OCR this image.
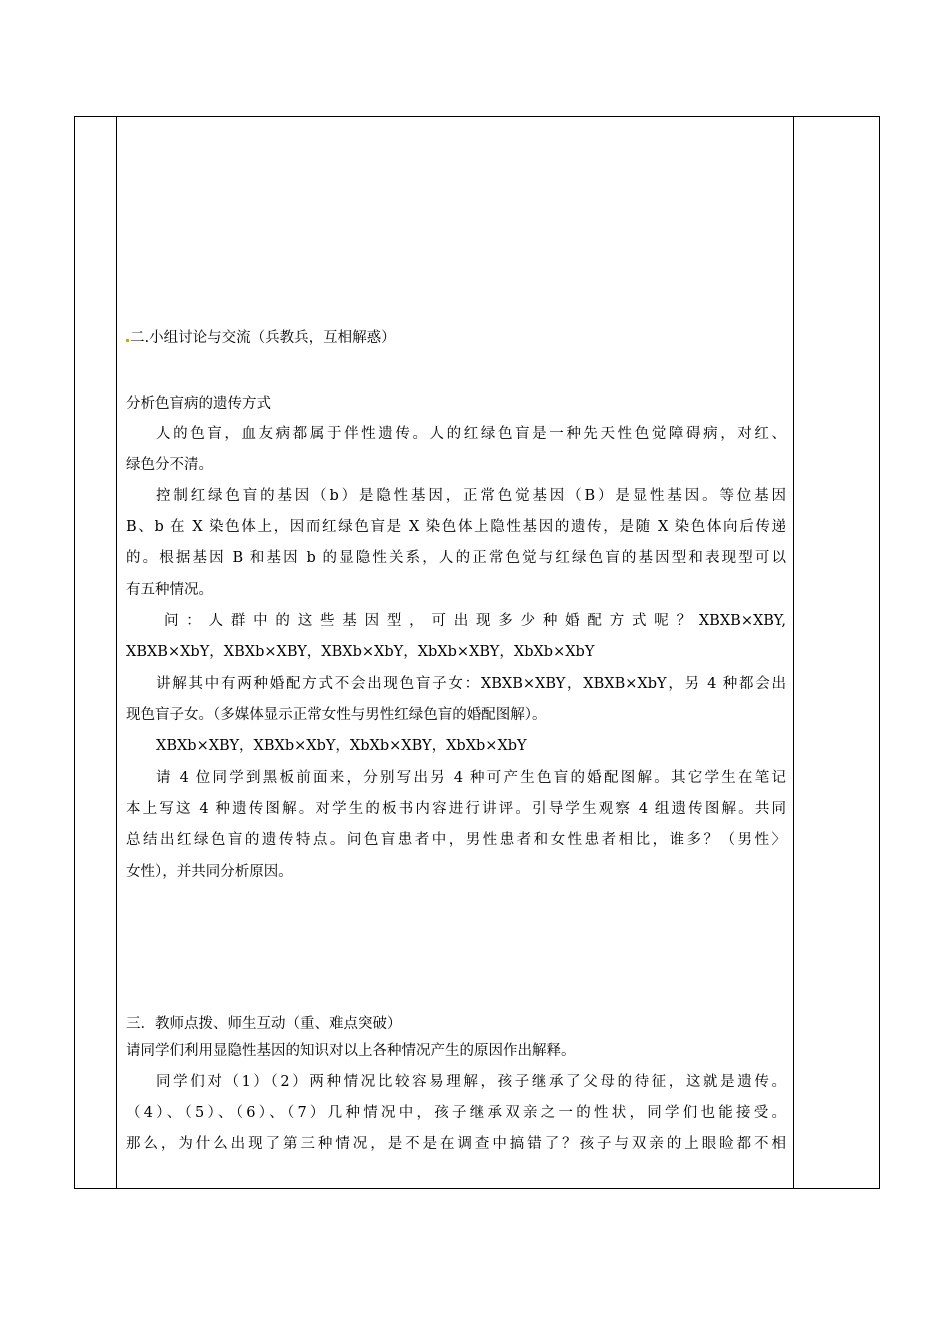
二.小组讨论与交流（兵教兵，互相解惑）
分析色盲病的遗传方式
人的色盲，血友病都属于伴性遗传。人的红绿色盲是一种先天性色觉障碍病，对红、
绿色分不清。
控制红绿色盲的基因（b）是隐性基因，正常色觉基因（B）是显性基因。等位基因
B、b 在 X 染色体上，因而红绿色盲是 X 染色体上隐性基因的遗传，是随 X 染色体向后传递
的。根据基因 B 和基因 b 的显隐性关系，人的正常色觉与红绿色盲的基因型和表现型可以
有五种情况。
问：人群中的这些基因型，可出现多少种婚配方式呢？XBXB×XBY,
XBXB×XbY，XBXb×XBY，XBXb×XbY，XbXb×XBY，XbXb×XbY
讲解其中有两种婚配方式不会出现色盲子女：XBXB×XBY，XBXB×XbY，另 4 种都会出
现色盲子女。（多媒体显示正常女性与男性红绿色盲的婚配图解）。
XBXb×XBY，XBXb×XbY，XbXb×XBY，XbXb×XbY
请 4 位同学到黑板前面来，分别写出另 4 种可产生色盲的婚配图解。其它学生在笔记
本上写这 4 种遗传图解。对学生的板书内容进行讲评。引导学生观察 4 组遗传图解。共同
总结出红绿色盲的遗传特点。问色盲患者中，男性患者和女性患者相比，谁多？（男性〉
女性），并共同分析原因。
三．教师点拨、师生互动（重、难点突破）
请同学们利用显隐性基因的知识对以上各种情况产生的原因作出解释。
同学们对（1）（2）两种情况比较容易理解，孩子继承了父母的待征，这就是遗传。
（4）、（5）、（6）、（7）几种情况中，孩子继承双亲之一的性状，同学们也能接受。
那么，为什么出现了第三种情况，是不是在调查中搞错了？孩子与双亲的上眼睑都不相
